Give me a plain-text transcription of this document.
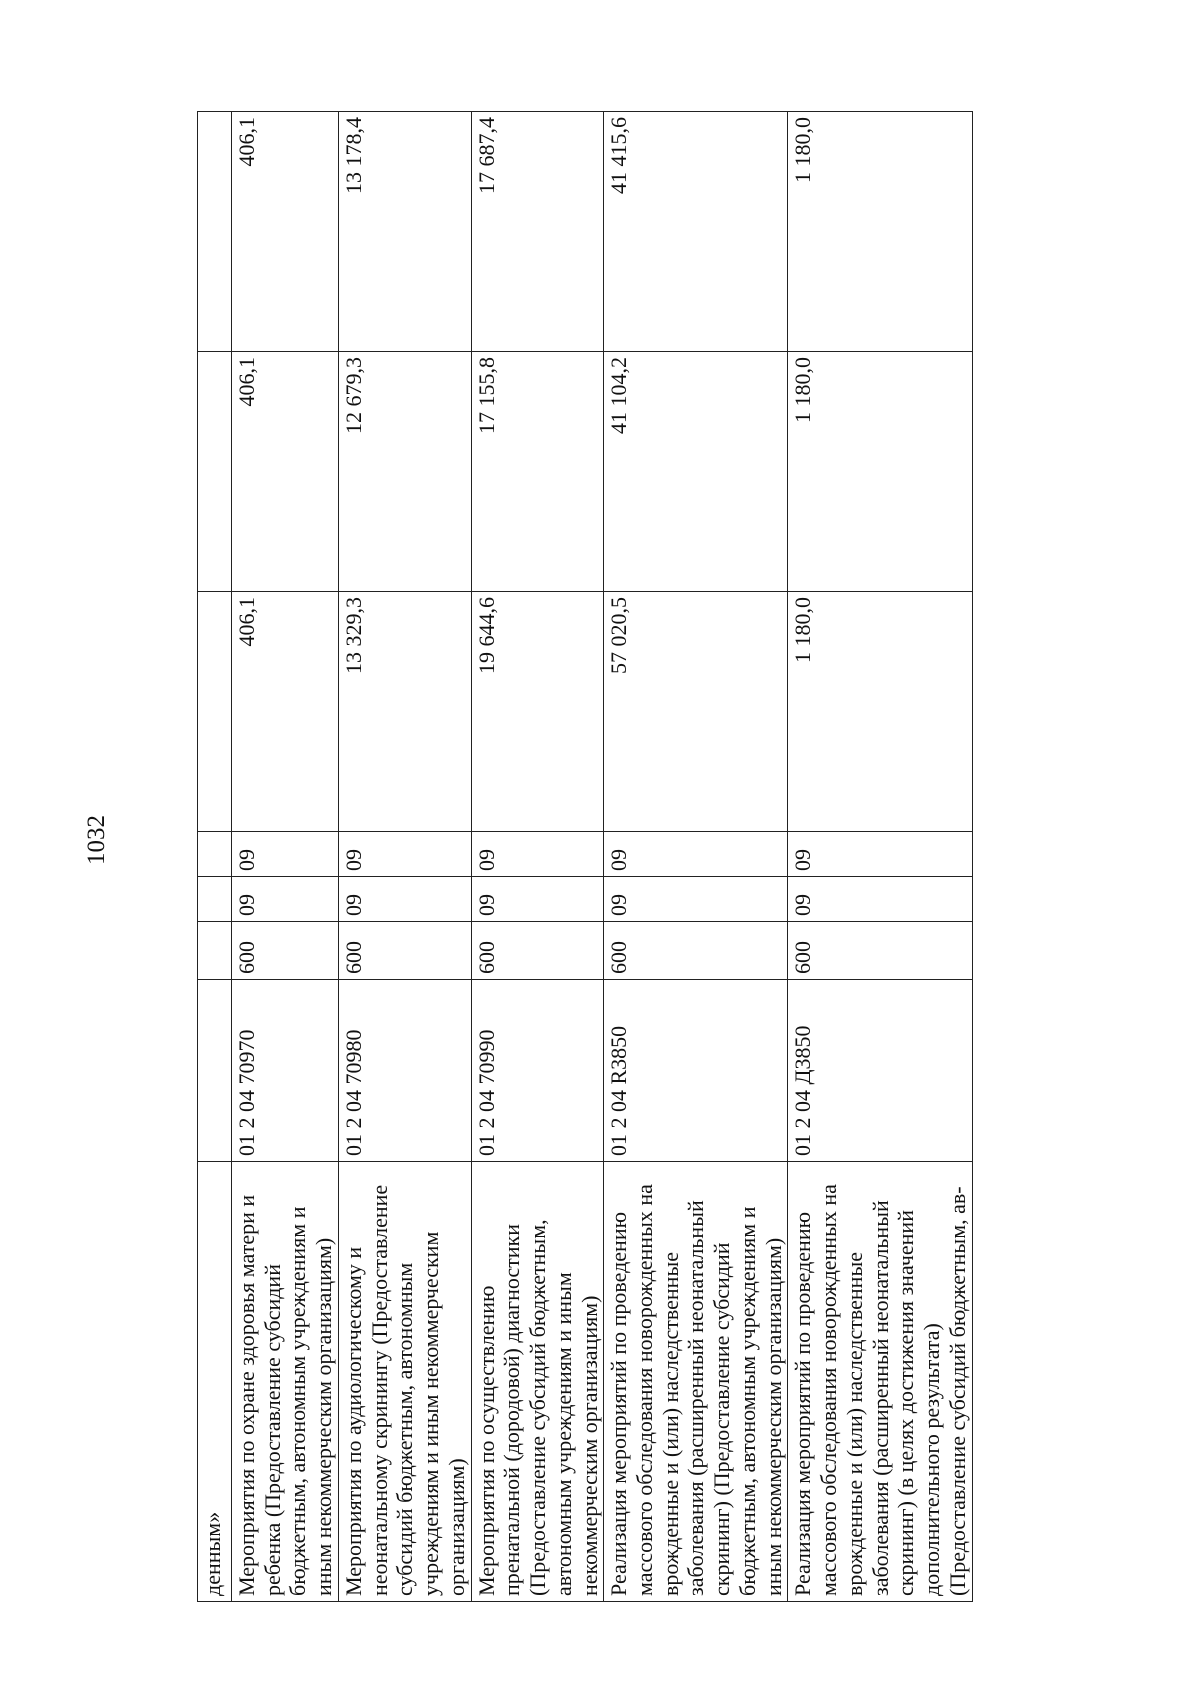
1032
денным»							
Мероприятия по охране здоровья матери и ребенка (Предоставление субсидий бюджетным, автономным учреждениям и иным некоммерческим организациям)	01 2 04 70970	600	09	09	406,1	406,1	406,1
Мероприятия по аудиологическому и неонатальному скринингу (Предоставление субсидий бюджетным, автономным учреждениям и иным некоммерческим организациям)	01 2 04 70980	600	09	09	13 329,3	12 679,3	13 178,4
Мероприятия по осуществлению пренатальной (дородовой) диагностики (Предоставление субсидий бюджетным, автономным учреждениям и иным некоммерческим организациям)	01 2 04 70990	600	09	09	19 644,6	17 155,8	17 687,4
Реализация мероприятий по проведению массового обследования новорожденных на врожденные и (или) наследственные заболевания (расширенный неонатальный скрининг) (Предоставление субсидий бюджетным, автономным учреждениям и иным некоммерческим организациям)	01 2 04 R3850	600	09	09	57 020,5	41 104,2	41 415,6
Реализация мероприятий по проведению массового обследования новорожденных на врожденные и (или) наследственные заболевания (расширенный неонатальный скрининг) (в целях достижения значений дополнительного результата) (Предоставление субсидий бюджетным, ав-	01 2 04 Д3850	600	09	09	1 180,0	1 180,0	1 180,0
